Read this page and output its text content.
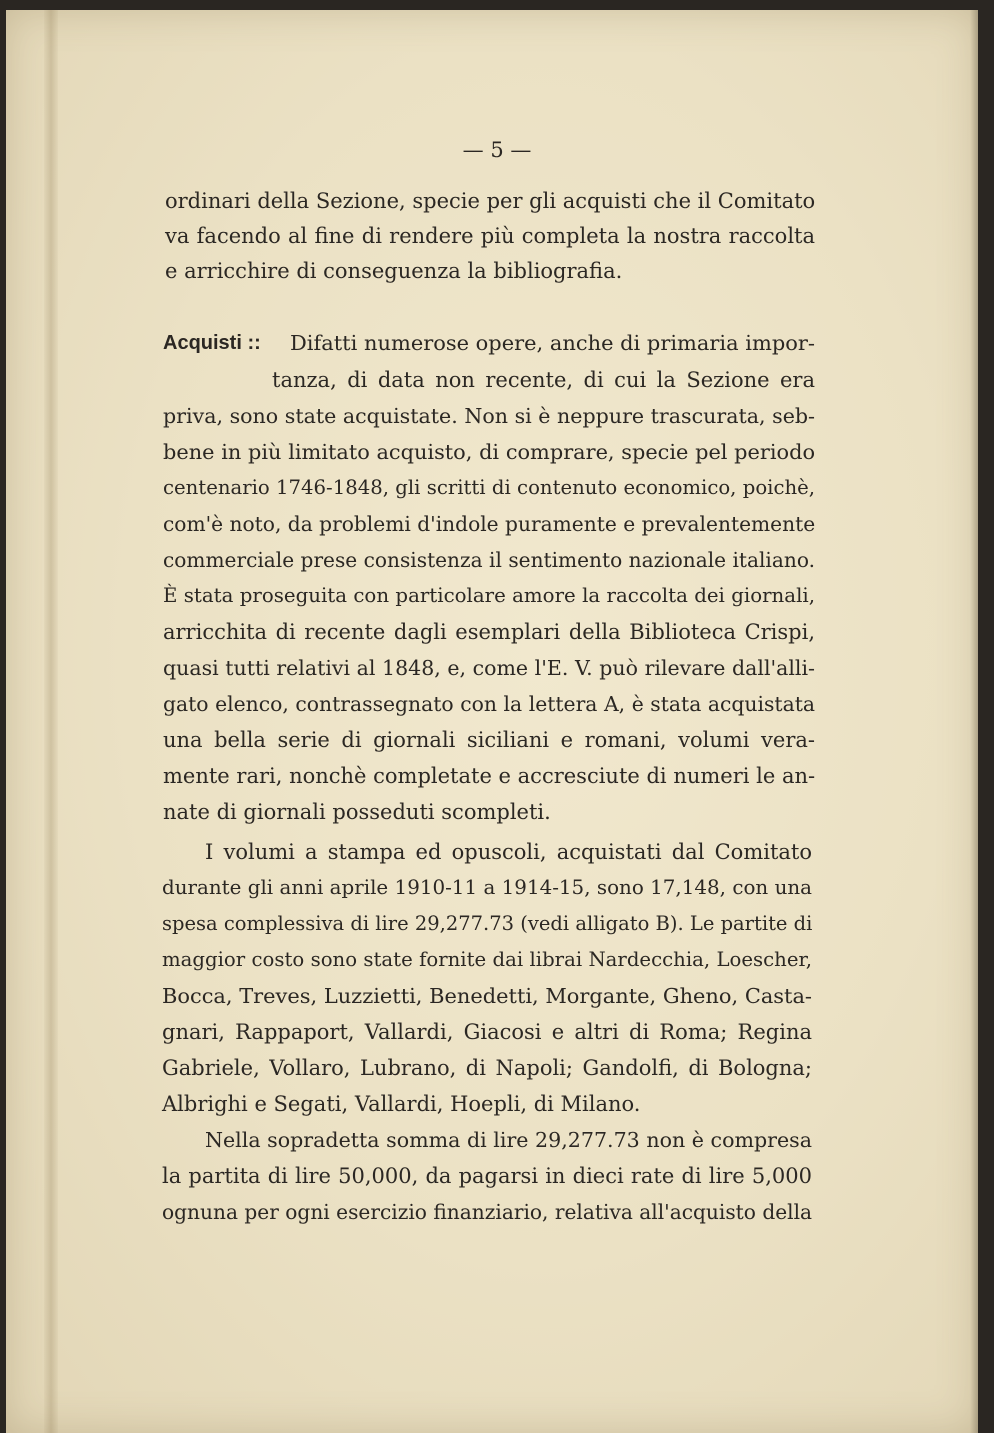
— 5 —
ordinari della Sezione, specie per gli acquisti che il Comitato
va facendo al fine di rendere più completa la nostra raccolta
e arricchire di conseguenza la bibliografia.
Difatti numerose opere, anche di primaria impor-
Acquisti ::
tanza, di data non recente, di cui la Sezione era
priva, sono state acquistate. Non si è neppure trascurata, seb-
bene in più limitato acquisto, di comprare, specie pel periodo
centenario 1746-1848, gli scritti di contenuto economico, poichè,
com'è noto, da problemi d'indole puramente e prevalentemente
commerciale prese consistenza il sentimento nazionale italiano.
È stata proseguita con particolare amore la raccolta dei giornali,
arricchita di recente dagli esemplari della Biblioteca Crispi,
quasi tutti relativi al 1848, e, come l'E. V. può rilevare dall'alli-
gato elenco, contrassegnato con la lettera A, è stata acquistata
una bella serie di giornali siciliani e romani, volumi vera-
mente rari, nonchè completate e accresciute di numeri le an-
nate di giornali posseduti scompleti.
I volumi a stampa ed opuscoli, acquistati dal Comitato
durante gli anni aprile 1910-11 a 1914-15, sono 17,148, con una
spesa complessiva di lire 29,277.73 (vedi alligato B). Le partite di
maggior costo sono state fornite dai librai Nardecchia, Loescher,
Bocca, Treves, Luzzietti, Benedetti, Morgante, Gheno, Casta-
gnari, Rappaport, Vallardi, Giacosi e altri di Roma; Regina
Gabriele, Vollaro, Lubrano, di Napoli; Gandolfi, di Bologna;
Albrighi e Segati, Vallardi, Hoepli, di Milano.
Nella sopradetta somma di lire 29,277.73 non è compresa
la partita di lire 50,000, da pagarsi in dieci rate di lire 5,000
ognuna per ogni esercizio finanziario, relativa all'acquisto della
